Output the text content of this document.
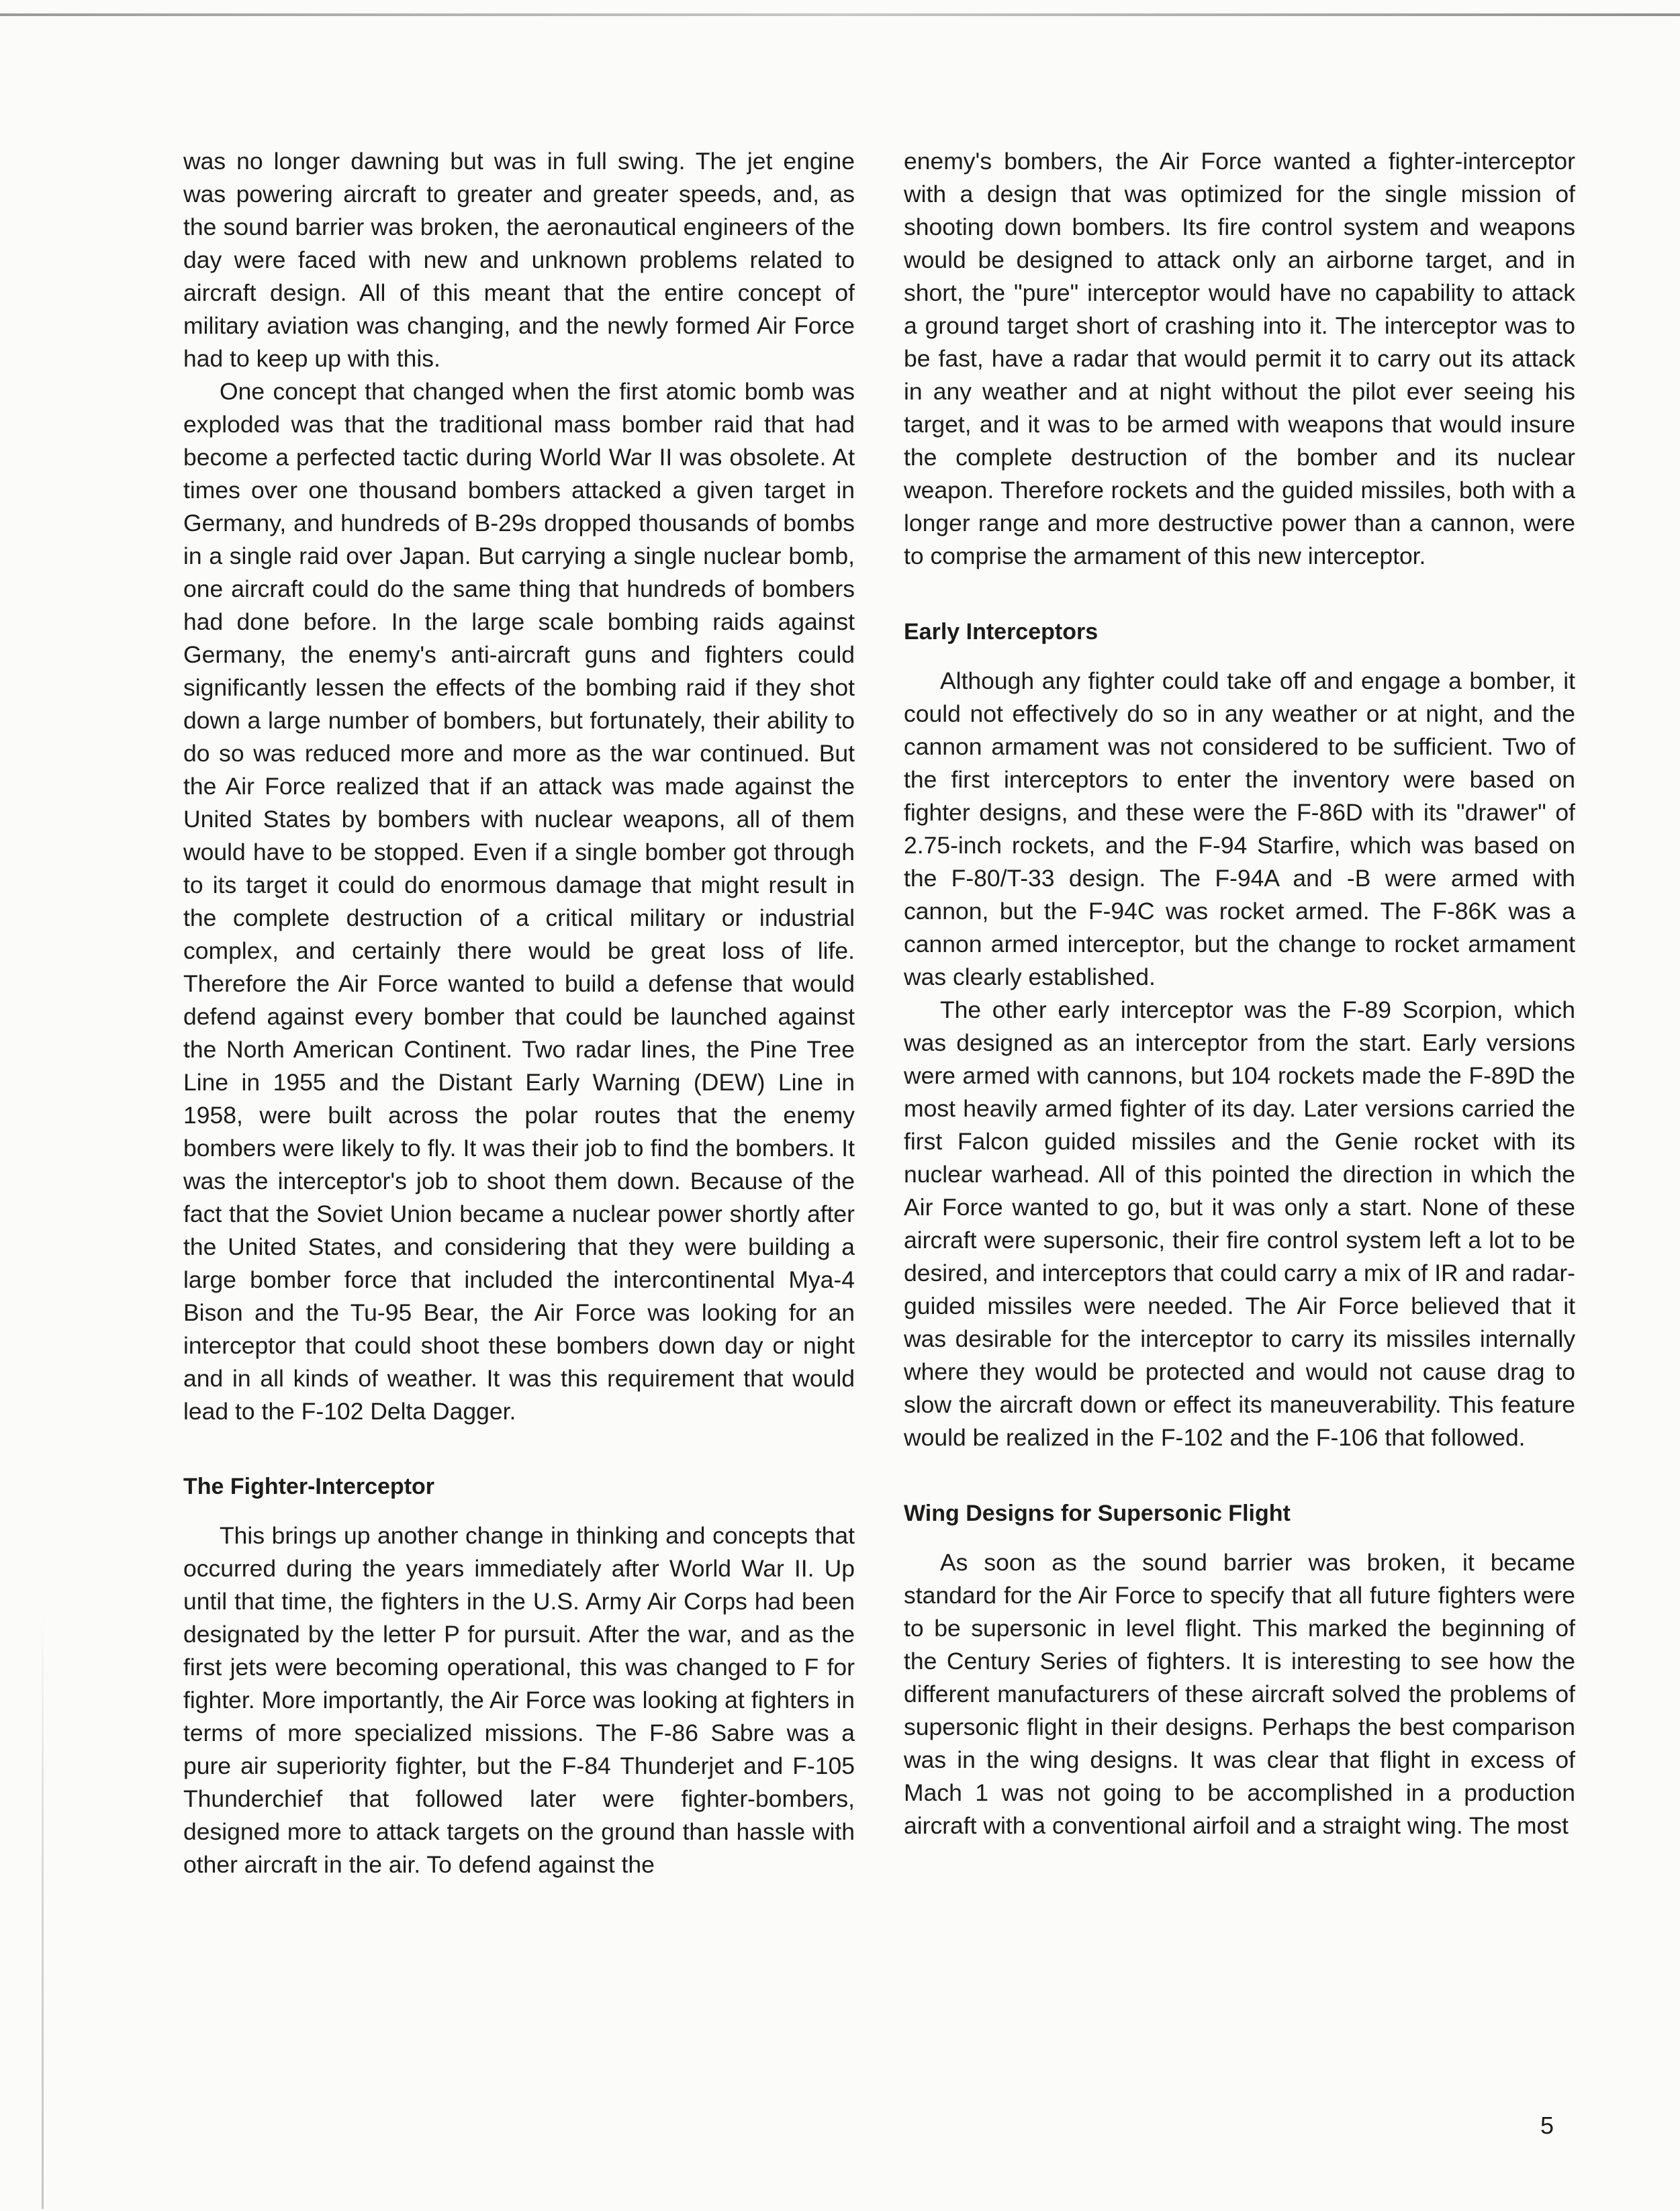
was no longer dawning but was in full swing. The jet engine was powering aircraft to greater and greater speeds, and, as the sound barrier was broken, the aeronautical engineers of the day were faced with new and unknown problems related to aircraft design. All of this meant that the entire concept of military aviation was changing, and the newly formed Air Force had to keep up with this.

One concept that changed when the first atomic bomb was exploded was that the traditional mass bomber raid that had become a perfected tactic during World War II was obsolete. At times over one thousand bombers attacked a given target in Germany, and hundreds of B-29s dropped thousands of bombs in a single raid over Japan. But carrying a single nuclear bomb, one aircraft could do the same thing that hundreds of bombers had done before. In the large scale bombing raids against Germany, the enemy's anti-aircraft guns and fighters could significantly lessen the effects of the bombing raid if they shot down a large number of bombers, but fortunately, their ability to do so was reduced more and more as the war continued. But the Air Force realized that if an attack was made against the United States by bombers with nuclear weapons, all of them would have to be stopped. Even if a single bomber got through to its target it could do enormous damage that might result in the complete destruction of a critical military or industrial complex, and certainly there would be great loss of life. Therefore the Air Force wanted to build a defense that would defend against every bomber that could be launched against the North American Continent. Two radar lines, the Pine Tree Line in 1955 and the Distant Early Warning (DEW) Line in 1958, were built across the polar routes that the enemy bombers were likely to fly. It was their job to find the bombers. It was the interceptor's job to shoot them down. Because of the fact that the Soviet Union became a nuclear power shortly after the United States, and considering that they were building a large bomber force that included the intercontinental Mya-4 Bison and the Tu-95 Bear, the Air Force was looking for an interceptor that could shoot these bombers down day or night and in all kinds of weather. It was this requirement that would lead to the F-102 Delta Dagger.

The Fighter-Interceptor

This brings up another change in thinking and concepts that occurred during the years immediately after World War II. Up until that time, the fighters in the U.S. Army Air Corps had been designated by the letter P for pursuit. After the war, and as the first jets were becoming operational, this was changed to F for fighter. More importantly, the Air Force was looking at fighters in terms of more specialized missions. The F-86 Sabre was a pure air superiority fighter, but the F-84 Thunderjet and F-105 Thunderchief that followed later were fighter-bombers, designed more to attack targets on the ground than hassle with other aircraft in the air. To defend against the

enemy's bombers, the Air Force wanted a fighter-interceptor with a design that was optimized for the single mission of shooting down bombers. Its fire control system and weapons would be designed to attack only an airborne target, and in short, the "pure" interceptor would have no capability to attack a ground target short of crashing into it. The interceptor was to be fast, have a radar that would permit it to carry out its attack in any weather and at night without the pilot ever seeing his target, and it was to be armed with weapons that would insure the complete destruction of the bomber and its nuclear weapon. Therefore rockets and the guided missiles, both with a longer range and more destructive power than a cannon, were to comprise the armament of this new interceptor.

Early Interceptors

Although any fighter could take off and engage a bomber, it could not effectively do so in any weather or at night, and the cannon armament was not considered to be sufficient. Two of the first interceptors to enter the inventory were based on fighter designs, and these were the F-86D with its "drawer" of 2.75-inch rockets, and the F-94 Starfire, which was based on the F-80/T-33 design. The F-94A and -B were armed with cannon, but the F-94C was rocket armed. The F-86K was a cannon armed interceptor, but the change to rocket armament was clearly established.

The other early interceptor was the F-89 Scorpion, which was designed as an interceptor from the start. Early versions were armed with cannons, but 104 rockets made the F-89D the most heavily armed fighter of its day. Later versions carried the first Falcon guided missiles and the Genie rocket with its nuclear warhead. All of this pointed the direction in which the Air Force wanted to go, but it was only a start. None of these aircraft were supersonic, their fire control system left a lot to be desired, and interceptors that could carry a mix of IR and radar-guided missiles were needed. The Air Force believed that it was desirable for the interceptor to carry its missiles internally where they would be protected and would not cause drag to slow the aircraft down or effect its maneuverability. This feature would be realized in the F-102 and the F-106 that followed.

Wing Designs for Supersonic Flight

As soon as the sound barrier was broken, it became standard for the Air Force to specify that all future fighters were to be supersonic in level flight. This marked the beginning of the Century Series of fighters. It is interesting to see how the different manufacturers of these aircraft solved the problems of supersonic flight in their designs. Perhaps the best comparison was in the wing designs. It was clear that flight in excess of Mach 1 was not going to be accomplished in a production aircraft with a conventional airfoil and a straight wing. The most

5
